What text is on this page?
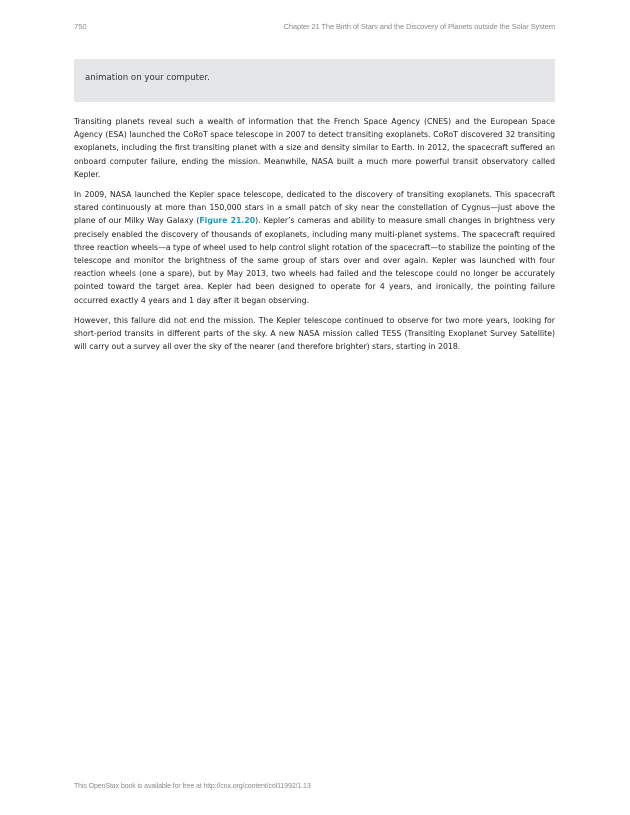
750	Chapter 21 The Birth of Stars and the Discovery of Planets outside the Solar System
animation on your computer.

Transiting planets reveal such a wealth of information that the French Space Agency (CNES) and the European Space Agency (ESA) launched the CoRoT space telescope in 2007 to detect transiting exoplanets. CoRoT discovered 32 transiting exoplanets, including the first transiting planet with a size and density similar to Earth. In 2012, the spacecraft suffered an onboard computer failure, ending the mission. Meanwhile, NASA built a much more powerful transit observatory called Kepler.

In 2009, NASA launched the Kepler space telescope, dedicated to the discovery of transiting exoplanets. This spacecraft stared continuously at more than 150,000 stars in a small patch of sky near the constellation of Cygnus—just above the plane of our Milky Way Galaxy (Figure 21.20). Kepler’s cameras and ability to measure small changes in brightness very precisely enabled the discovery of thousands of exoplanets, including many multi-planet systems. The spacecraft required three reaction wheels—a type of wheel used to help control slight rotation of the spacecraft—to stabilize the pointing of the telescope and monitor the brightness of the same group of stars over and over again. Kepler was launched with four reaction wheels (one a spare), but by May 2013, two wheels had failed and the telescope could no longer be accurately pointed toward the target area. Kepler had been designed to operate for 4 years, and ironically, the pointing failure occurred exactly 4 years and 1 day after it began observing.

However, this failure did not end the mission. The Kepler telescope continued to observe for two more years, looking for short-period transits in different parts of the sky. A new NASA mission called TESS (Transiting Exoplanet Survey Satellite) will carry out a survey all over the sky of the nearer (and therefore brighter) stars, starting in 2018.

This OpenStax book is available for free at http://cnx.org/content/col11992/1.13
